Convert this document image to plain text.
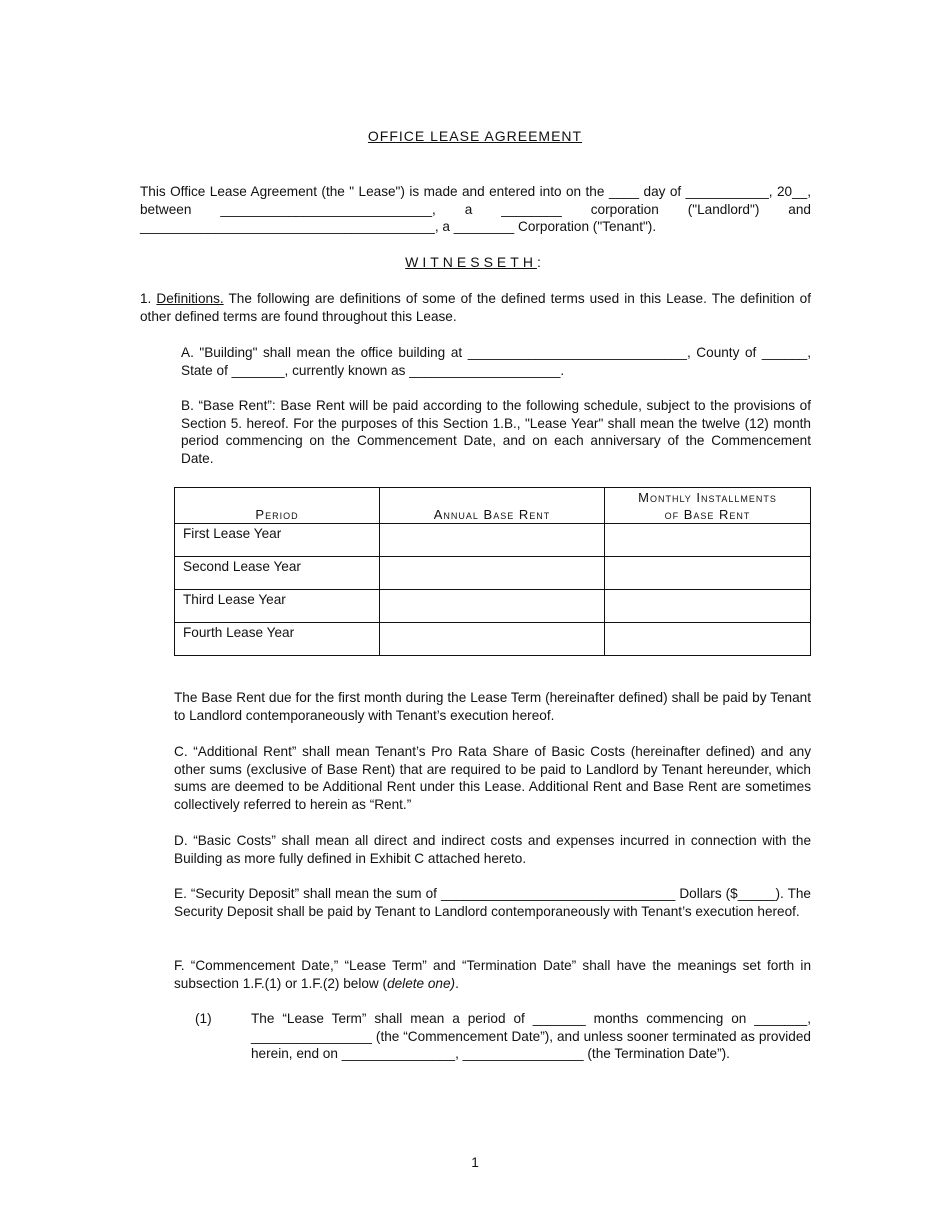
OFFICE LEASE AGREEMENT

This Office Lease Agreement (the " Lease") is made and entered into on the ____ day of ___________, 20__,

between ____________________________, a ________ corporation ("Landlord") and

_______________________________________, a ________ Corporation ("Tenant").

WITNESSETH:

1. Definitions. The following are definitions of some of the defined terms used in this Lease. The definition of other defined terms are found throughout this Lease.

A. "Building" shall mean the office building at _____________________________, County of ______, State of _______, currently known as ____________________.

B. “Base Rent”: Base Rent will be paid according to the following schedule, subject to the provisions of Section 5. hereof. For the purposes of this Section 1.B., "Lease Year" shall mean the twelve (12) month period commencing on the Commencement Date, and on each anniversary of the Commencement Date.

Period	Annual Base Rent	Monthly Installments
of Base Rent

First Lease Year		
Second Lease Year		
Third Lease Year		
Fourth Lease Year		

The Base Rent due for the first month during the Lease Term (hereinafter defined) shall be paid by Tenant to Landlord contemporaneously with Tenant’s execution hereof.

C. “Additional Rent” shall mean Tenant’s Pro Rata Share of Basic Costs (hereinafter defined) and any other sums (exclusive of Base Rent) that are required to be paid to Landlord by Tenant hereunder, which sums are deemed to be Additional Rent under this Lease. Additional Rent and Base Rent are sometimes collectively referred to herein as “Rent.”

D. “Basic Costs” shall mean all direct and indirect costs and expenses incurred in connection with the Building as more fully defined in Exhibit C attached hereto.

E. “Security Deposit” shall mean the sum of _______________________________ Dollars ($_____). The Security Deposit shall be paid by Tenant to Landlord contemporaneously with Tenant’s execution hereof.

F. “Commencement Date,” “Lease Term” and “Termination Date” shall have the meanings set forth in subsection 1.F.(1) or 1.F.(2) below (delete one).

(1)	The “Lease Term” shall mean a period of _______ months commencing on _______, ________________ (the “Commencement Date”), and unless sooner terminated as provided herein, end on _______________, ________________ (the Termination Date”).

1
